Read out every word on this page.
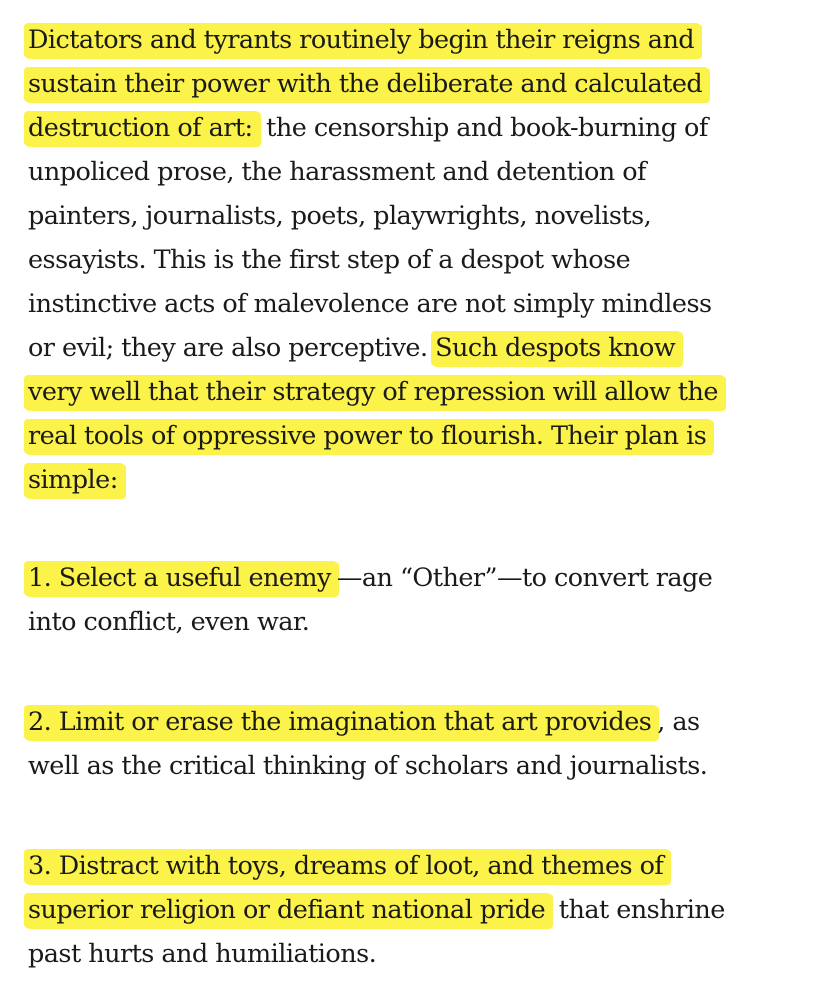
Dictators and tyrants routinely begin their reigns and
sustain their power with the deliberate and calculated
destruction of art: the censorship and book-burning of
unpoliced prose, the harassment and detention of
painters, journalists, poets, playwrights, novelists,
essayists. This is the first step of a despot whose
instinctive acts of malevolence are not simply mindless
or evil; they are also perceptive. Such despots know
very well that their strategy of repression will allow the
real tools of oppressive power to flourish. Their plan is
simple:
1. Select a useful enemy —an “Other”—to convert rage
into conflict, even war.
2. Limit or erase the imagination that art provides , as
well as the critical thinking of scholars and journalists.
3. Distract with toys, dreams of loot, and themes of
superior religion or defiant national pride that enshrine
past hurts and humiliations.
